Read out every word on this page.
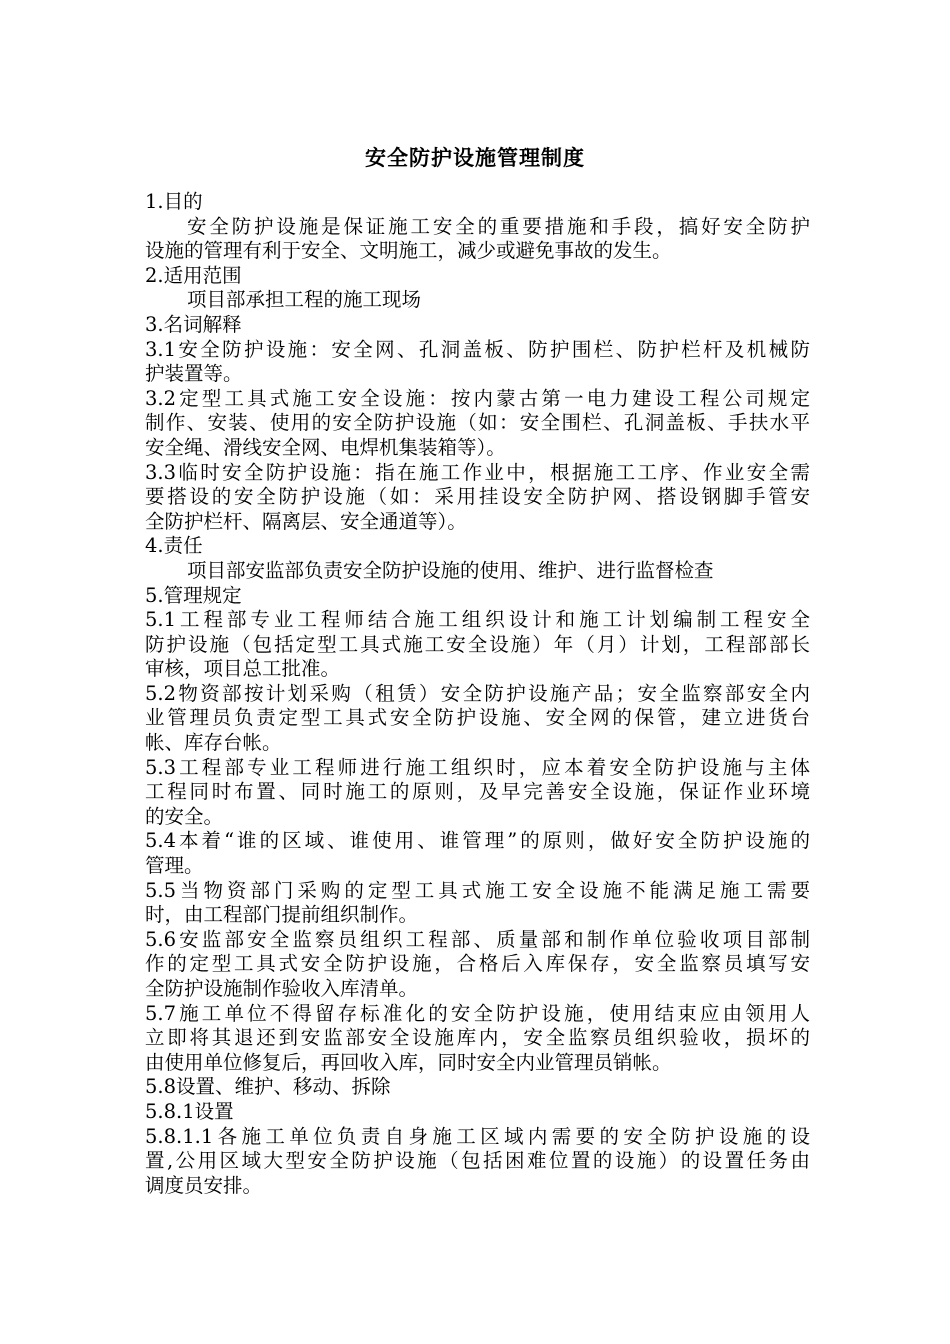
安全防护设施管理制度
1.目的
安全防护设施是保证施工安全的重要措施和手段，搞好安全防护
设施的管理有利于安全、文明施工，减少或避免事故的发生。
2.适用范围
项目部承担工程的施工现场
3.名词解释
3.1安全防护设施：安全网、孔洞盖板、防护围栏、防护栏杆及机械防
护装置等。
3.2定型工具式施工安全设施：按内蒙古第一电力建设工程公司规定
制作、安装、使用的安全防护设施（如：安全围栏、孔洞盖板、手扶水平
安全绳、滑线安全网、电焊机集装箱等）。
3.3临时安全防护设施：指在施工作业中，根据施工工序、作业安全需
要搭设的安全防护设施（如：采用挂设安全防护网、搭设钢脚手管安
全防护栏杆、隔离层、安全通道等）。
4.责任
项目部安监部负责安全防护设施的使用、维护、进行监督检查
5.管理规定
5.1工程部专业工程师结合施工组织设计和施工计划编制工程安全
防护设施（包括定型工具式施工安全设施）年（月）计划，工程部部长
审核，项目总工批准。
5.2物资部按计划采购（租赁）安全防护设施产品；安全监察部安全内
业管理员负责定型工具式安全防护设施、安全网的保管，建立进货台
帐、库存台帐。
5.3工程部专业工程师进行施工组织时，应本着安全防护设施与主体
工程同时布置、同时施工的原则，及早完善安全设施，保证作业环境
的安全。
5.4本着“谁的区域、谁使用、谁管理”的原则，做好安全防护设施的
管理。
5.5当物资部门采购的定型工具式施工安全设施不能满足施工需要
时，由工程部门提前组织制作。
5.6安监部安全监察员组织工程部、质量部和制作单位验收项目部制
作的定型工具式安全防护设施，合格后入库保存，安全监察员填写安
全防护设施制作验收入库清单。
5.7施工单位不得留存标准化的安全防护设施，使用结束应由领用人
立即将其退还到安监部安全设施库内，安全监察员组织验收，损坏的
由使用单位修复后，再回收入库，同时安全内业管理员销帐。
5.8设置、维护、移动、拆除
5.8.1设置
5.8.1.1各施工单位负责自身施工区域内需要的安全防护设施的设
置,公用区域大型安全防护设施（包括困难位置的设施）的设置任务由
调度员安排。
